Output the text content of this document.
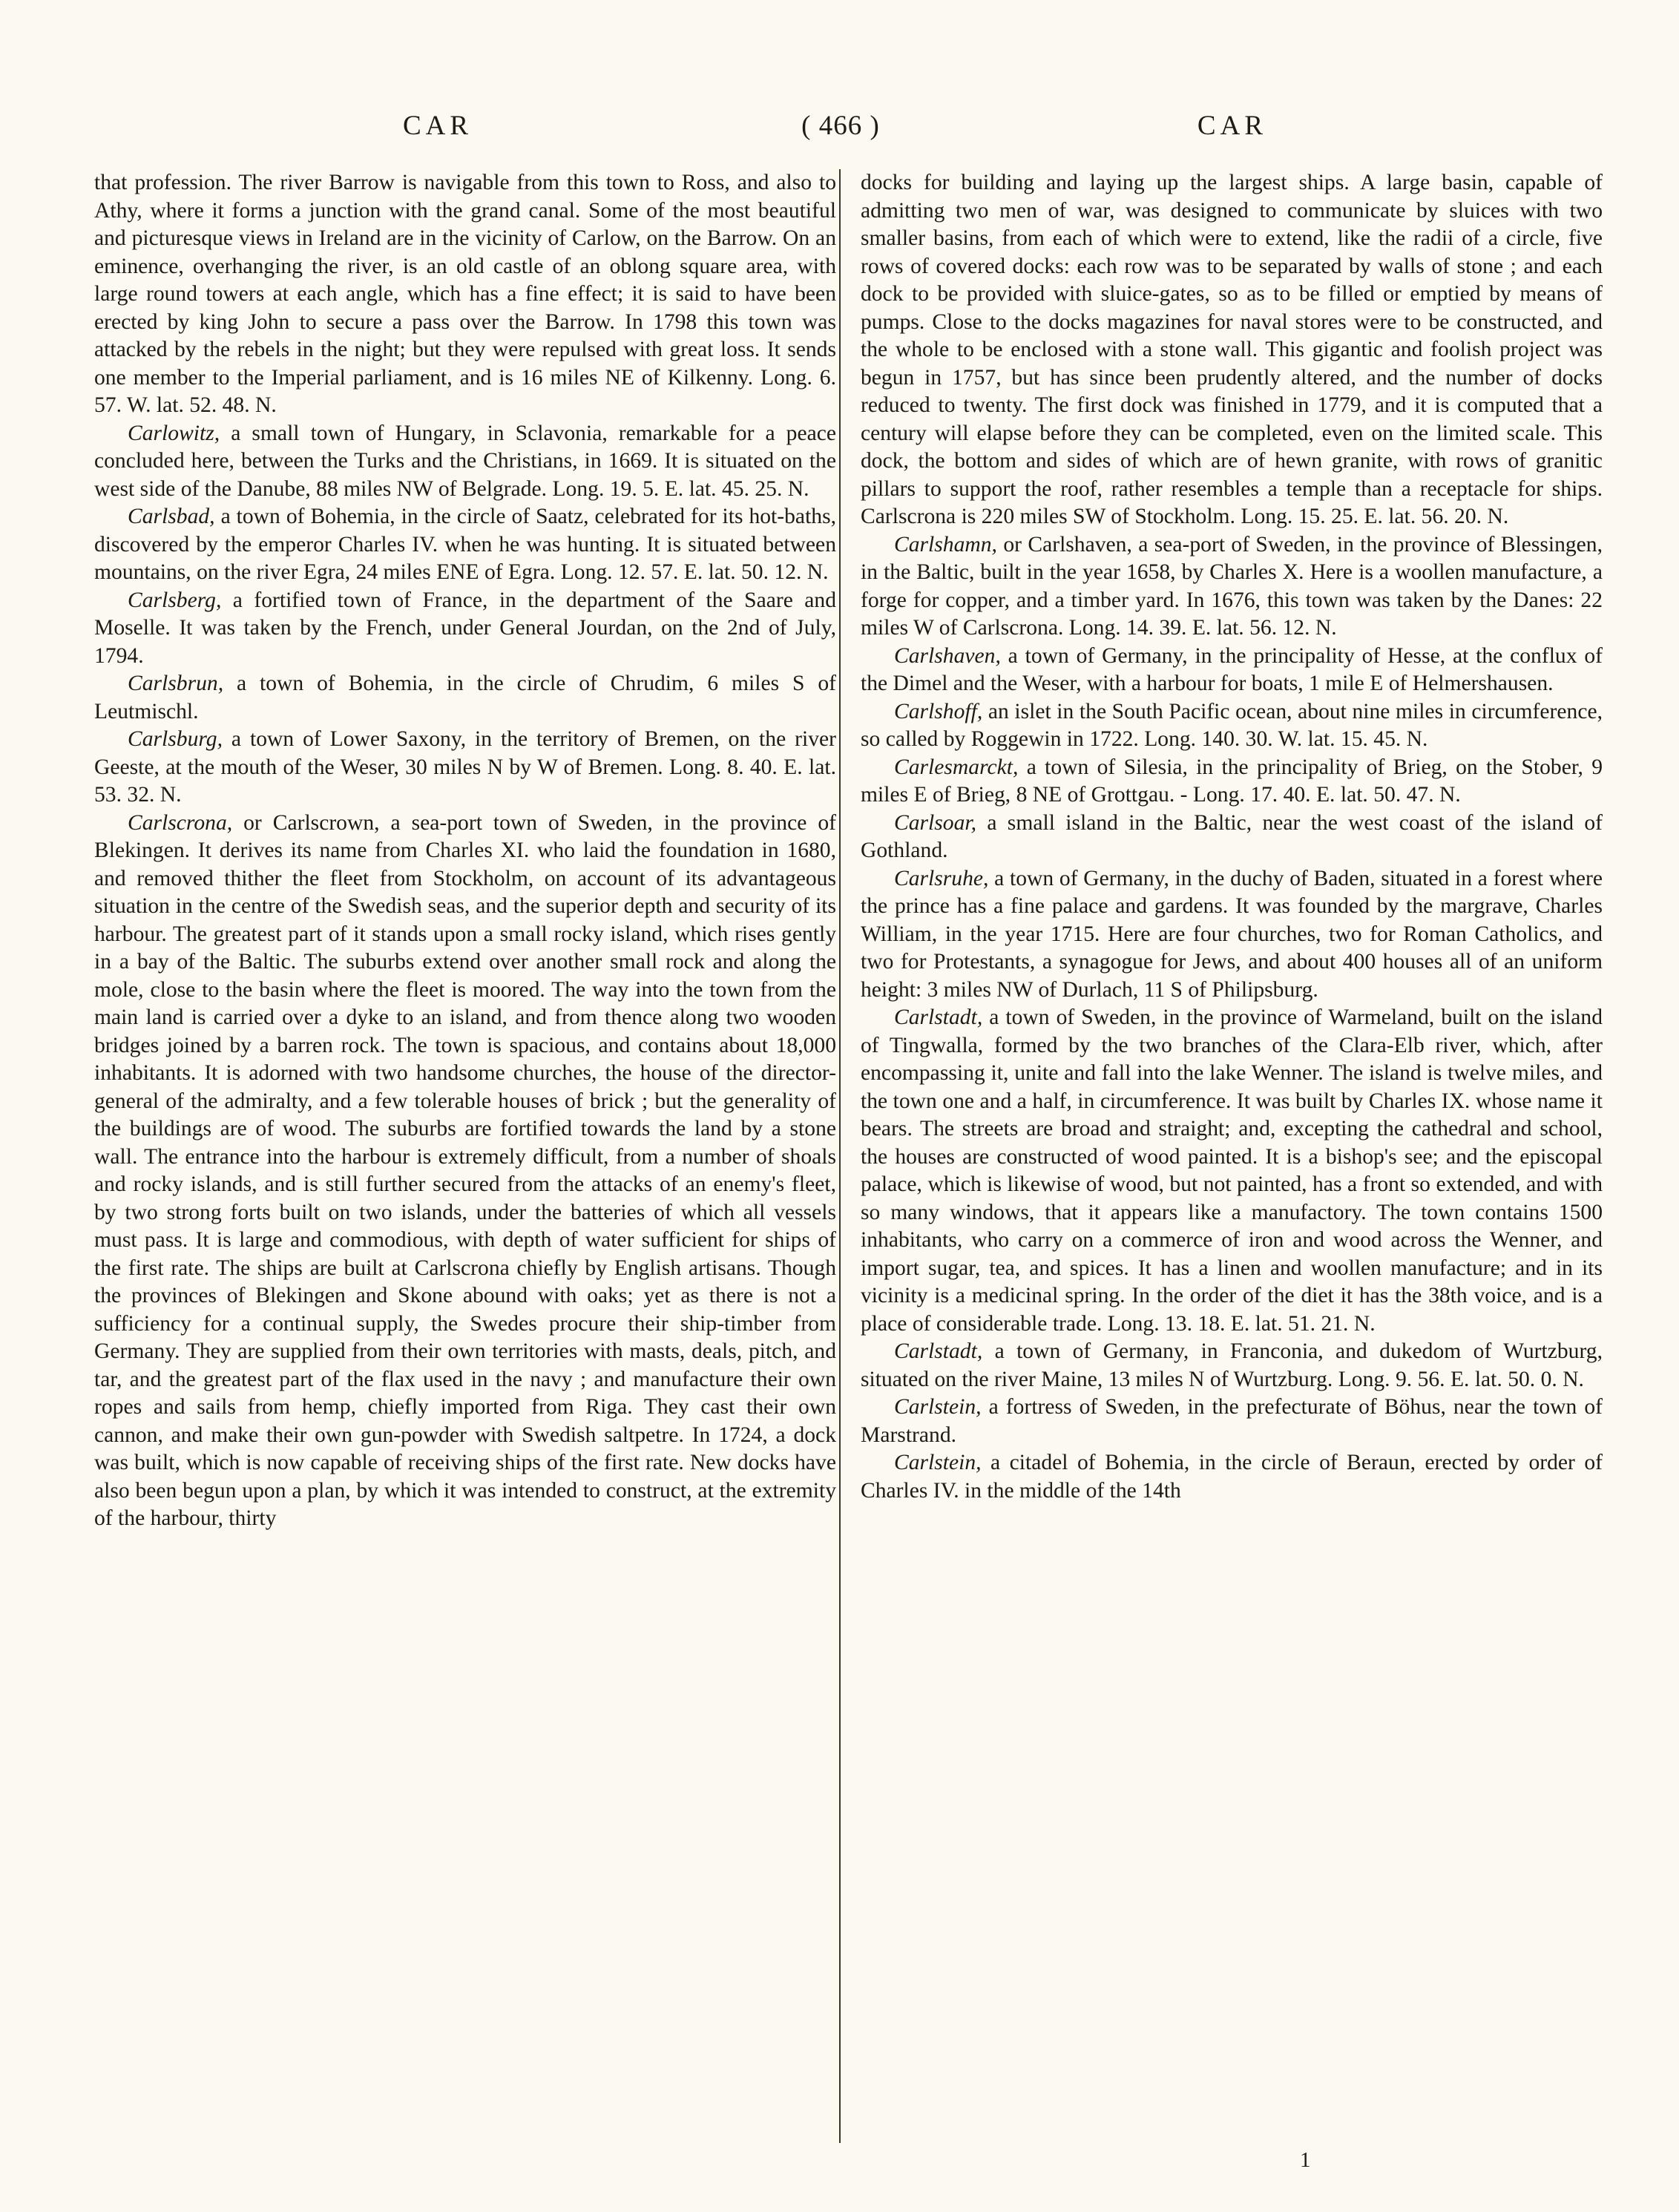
CAR	( 466 )	CAR

that profession. The river Barrow is navigable from this town to Ross, and also to Athy, where it forms a junction with the grand canal. Some of the most beautiful and picturesque views in Ireland are in the vicinity of Carlow, on the Barrow. On an eminence, overhanging the river, is an old castle of an oblong square area, with large round towers at each angle, which has a fine effect; it is said to have been erected by king John to secure a pass over the Barrow. In 1798 this town was attacked by the rebels in the night; but they were repulsed with great loss. It sends one member to the Imperial parliament, and is 16 miles NE of Kilkenny. Long. 6. 57. W. lat. 52. 48. N.

Carlowitz, a small town of Hungary, in Sclavonia, remarkable for a peace concluded here, between the Turks and the Christians, in 1669. It is situated on the west side of the Danube, 88 miles NW of Belgrade. Long. 19. 5. E. lat. 45. 25. N.

Carlsbad, a town of Bohemia, in the circle of Saatz, celebrated for its hot-baths, discovered by the emperor Charles IV. when he was hunting. It is situated between mountains, on the river Egra, 24 miles ENE of Egra. Long. 12. 57. E. lat. 50. 12. N.

Carlsberg, a fortified town of France, in the department of the Saare and Moselle. It was taken by the French, under General Jourdan, on the 2nd of July, 1794.

Carlsbrun, a town of Bohemia, in the circle of Chrudim, 6 miles S of Leutmischl.

Carlsburg, a town of Lower Saxony, in the territory of Bremen, on the river Geeste, at the mouth of the Weser, 30 miles N by W of Bremen. Long. 8. 40. E. lat. 53. 32. N.

Carlscrona, or Carlscrown, a sea-port town of Sweden, in the province of Blekingen. It derives its name from Charles XI. who laid the foundation in 1680, and removed thither the fleet from Stockholm, on account of its advantageous situation in the centre of the Swedish seas, and the superior depth and security of its harbour. The greatest part of it stands upon a small rocky island, which rises gently in a bay of the Baltic. The suburbs extend over another small rock and along the mole, close to the basin where the fleet is moored. The way into the town from the main land is carried over a dyke to an island, and from thence along two wooden bridges joined by a barren rock. The town is spacious, and contains about 18,000 inhabitants. It is adorned with two handsome churches, the house of the director-general of the admiralty, and a few tolerable houses of brick ; but the generality of the buildings are of wood. The suburbs are fortified towards the land by a stone wall. The entrance into the harbour is extremely difficult, from a number of shoals and rocky islands, and is still further secured from the attacks of an enemy's fleet, by two strong forts built on two islands, under the batteries of which all vessels must pass. It is large and commodious, with depth of water sufficient for ships of the first rate. The ships are built at Carlscrona chiefly by English artisans. Though the provinces of Blekingen and Skone abound with oaks; yet as there is not a sufficiency for a continual supply, the Swedes procure their ship-timber from Germany. They are supplied from their own territories with masts, deals, pitch, and tar, and the greatest part of the flax used in the navy ; and manufacture their own ropes and sails from hemp, chiefly imported from Riga. They cast their own cannon, and make their own gun-powder with Swedish saltpetre. In 1724, a dock was built, which is now capable of receiving ships of the first rate. New docks have also been begun upon a plan, by which it was intended to construct, at the extremity of the harbour, thirty

docks for building and laying up the largest ships. A large basin, capable of admitting two men of war, was designed to communicate by sluices with two smaller basins, from each of which were to extend, like the radii of a circle, five rows of covered docks: each row was to be separated by walls of stone ; and each dock to be provided with sluice-gates, so as to be filled or emptied by means of pumps. Close to the docks magazines for naval stores were to be constructed, and the whole to be enclosed with a stone wall. This gigantic and foolish project was begun in 1757, but has since been prudently altered, and the number of docks reduced to twenty. The first dock was finished in 1779, and it is computed that a century will elapse before they can be completed, even on the limited scale. This dock, the bottom and sides of which are of hewn granite, with rows of granitic pillars to support the roof, rather resembles a temple than a receptacle for ships. Carlscrona is 220 miles SW of Stockholm. Long. 15. 25. E. lat. 56. 20. N.

Carlshamn, or Carlshaven, a sea-port of Sweden, in the province of Blessingen, in the Baltic, built in the year 1658, by Charles X. Here is a woollen manufacture, a forge for copper, and a timber yard. In 1676, this town was taken by the Danes: 22 miles W of Carlscrona. Long. 14. 39. E. lat. 56. 12. N.

Carlshaven, a town of Germany, in the principality of Hesse, at the conflux of the Dimel and the Weser, with a harbour for boats, 1 mile E of Helmershausen.

Carlshoff, an islet in the South Pacific ocean, about nine miles in circumference, so called by Roggewin in 1722. Long. 140. 30. W. lat. 15. 45. N.

Carlesmarckt, a town of Silesia, in the principality of Brieg, on the Stober, 9 miles E of Brieg, 8 NE of Grottgau. - Long. 17. 40. E. lat. 50. 47. N.

Carlsoar, a small island in the Baltic, near the west coast of the island of Gothland.

Carlsruhe, a town of Germany, in the duchy of Baden, situated in a forest where the prince has a fine palace and gardens. It was founded by the margrave, Charles William, in the year 1715. Here are four churches, two for Roman Catholics, and two for Protestants, a synagogue for Jews, and about 400 houses all of an uniform height: 3 miles NW of Durlach, 11 S of Philipsburg.

Carlstadt, a town of Sweden, in the province of Warmeland, built on the island of Tingwalla, formed by the two branches of the Clara-Elb river, which, after encompassing it, unite and fall into the lake Wenner. The island is twelve miles, and the town one and a half, in circumference. It was built by Charles IX. whose name it bears. The streets are broad and straight; and, excepting the cathedral and school, the houses are constructed of wood painted. It is a bishop's see; and the episcopal palace, which is likewise of wood, but not painted, has a front so extended, and with so many windows, that it appears like a manufactory. The town contains 1500 inhabitants, who carry on a commerce of iron and wood across the Wenner, and import sugar, tea, and spices. It has a linen and woollen manufacture; and in its vicinity is a medicinal spring. In the order of the diet it has the 38th voice, and is a place of considerable trade. Long. 13. 18. E. lat. 51. 21. N.

Carlstadt, a town of Germany, in Franconia, and dukedom of Wurtzburg, situated on the river Maine, 13 miles N of Wurtzburg. Long. 9. 56. E. lat. 50. 0. N.

Carlstein, a fortress of Sweden, in the prefecturate of Böhus, near the town of Marstrand.

Carlstein, a citadel of Bohemia, in the circle of Beraun, erected by order of Charles IV. in the middle of the 14th

1
